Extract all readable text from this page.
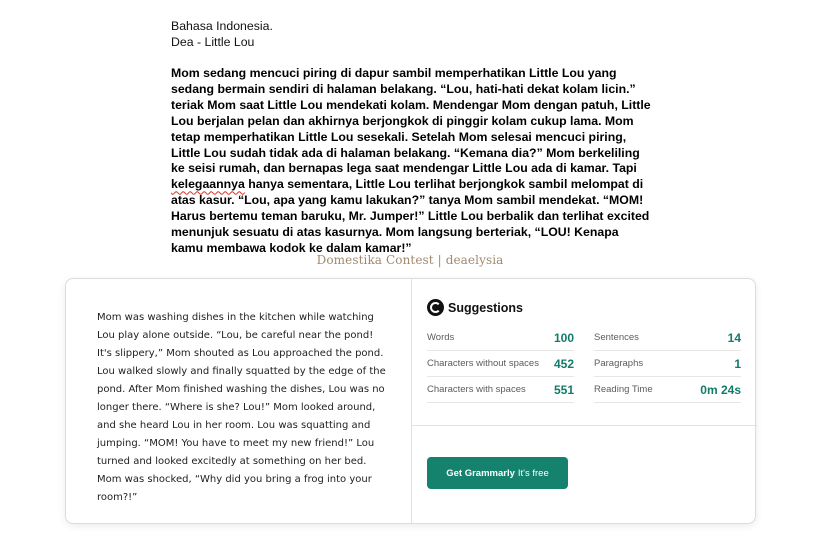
Bahasa Indonesia.
Dea - Little Lou

Mom sedang mencuci piring di dapur sambil memperhatikan Little Lou yang sedang bermain sendiri di halaman belakang. “Lou, hati-hati dekat kolam licin.” teriak Mom saat Little Lou mendekati kolam. Mendengar Mom dengan patuh, Little Lou berjalan pelan dan akhirnya berjongkok di pinggir kolam cukup lama. Mom tetap memperhatikan Little Lou sesekali. Setelah Mom selesai mencuci piring, Little Lou sudah tidak ada di halaman belakang. “Kemana dia?” Mom berkeliling ke seisi rumah, dan bernapas lega saat mendengar Little Lou ada di kamar. Tapi kelegaannya hanya sementara, Little Lou terlihat berjongkok sambil melompat di atas kasur. “Lou, apa yang kamu lakukan?” tanya Mom sambil mendekat. “MOM! Harus bertemu teman baruku, Mr. Jumper!” Little Lou berbalik dan terlihat excited menunjuk sesuatu di atas kasurnya. Mom langsung berteriak, “LOU! Kenapa kamu membawa kodok ke dalam kamar!”

Domestika Contest | deaelysia
Mom was washing dishes in the kitchen while watching Lou play alone outside. “Lou, be careful near the pond! It's slippery,” Mom shouted as Lou approached the pond. Lou walked slowly and finally squatted by the edge of the pond. After Mom finished washing the dishes, Lou was no longer there. “Where is she? Lou!” Mom looked around, and she heard Lou in her room. Lou was squatting and jumping. “MOM! You have to meet my new friend!” Lou turned and looked excitedly at something on her bed. Mom was shocked, “Why did you bring a frog into your room?!”
Suggestions
Words	100 Sentences	14
Characters without spaces 452 Paragraphs	1
Characters with spaces 551 Reading Time	0m 24s
Get Grammarly It's free
